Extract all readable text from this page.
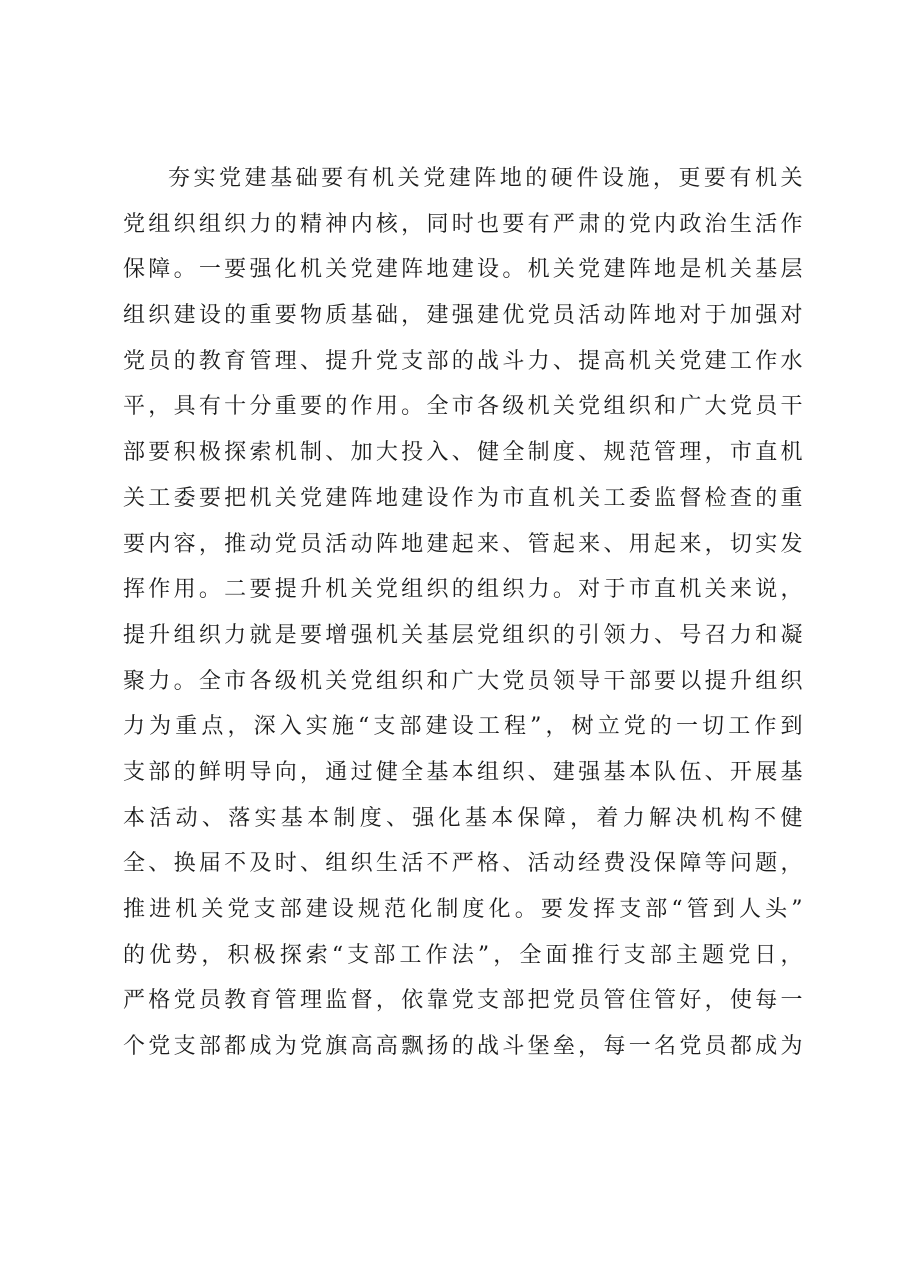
夯实党建基础要有机关党建阵地的硬件设施，更要有机关
党组织组织力的精神内核，同时也要有严肃的党内政治生活作
保障。一要强化机关党建阵地建设。机关党建阵地是机关基层
组织建设的重要物质基础，建强建优党员活动阵地对于加强对
党员的教育管理、提升党支部的战斗力、提高机关党建工作水
平，具有十分重要的作用。全市各级机关党组织和广大党员干
部要积极探索机制、加大投入、健全制度、规范管理，市直机
关工委要把机关党建阵地建设作为市直机关工委监督检查的重
要内容，推动党员活动阵地建起来、管起来、用起来，切实发
挥作用。二要提升机关党组织的组织力。对于市直机关来说，
提升组织力就是要增强机关基层党组织的引领力、号召力和凝
聚力。全市各级机关党组织和广大党员领导干部要以提升组织
力为重点，深入实施“支部建设工程”，树立党的一切工作到
支部的鲜明导向，通过健全基本组织、建强基本队伍、开展基
本活动、落实基本制度、强化基本保障，着力解决机构不健
全、换届不及时、组织生活不严格、活动经费没保障等问题，
推进机关党支部建设规范化制度化。要发挥支部“管到人头”
的优势，积极探索“支部工作法”，全面推行支部主题党日，
严格党员教育管理监督，依靠党支部把党员管住管好，使每一
个党支部都成为党旗高高飘扬的战斗堡垒，每一名党员都成为
